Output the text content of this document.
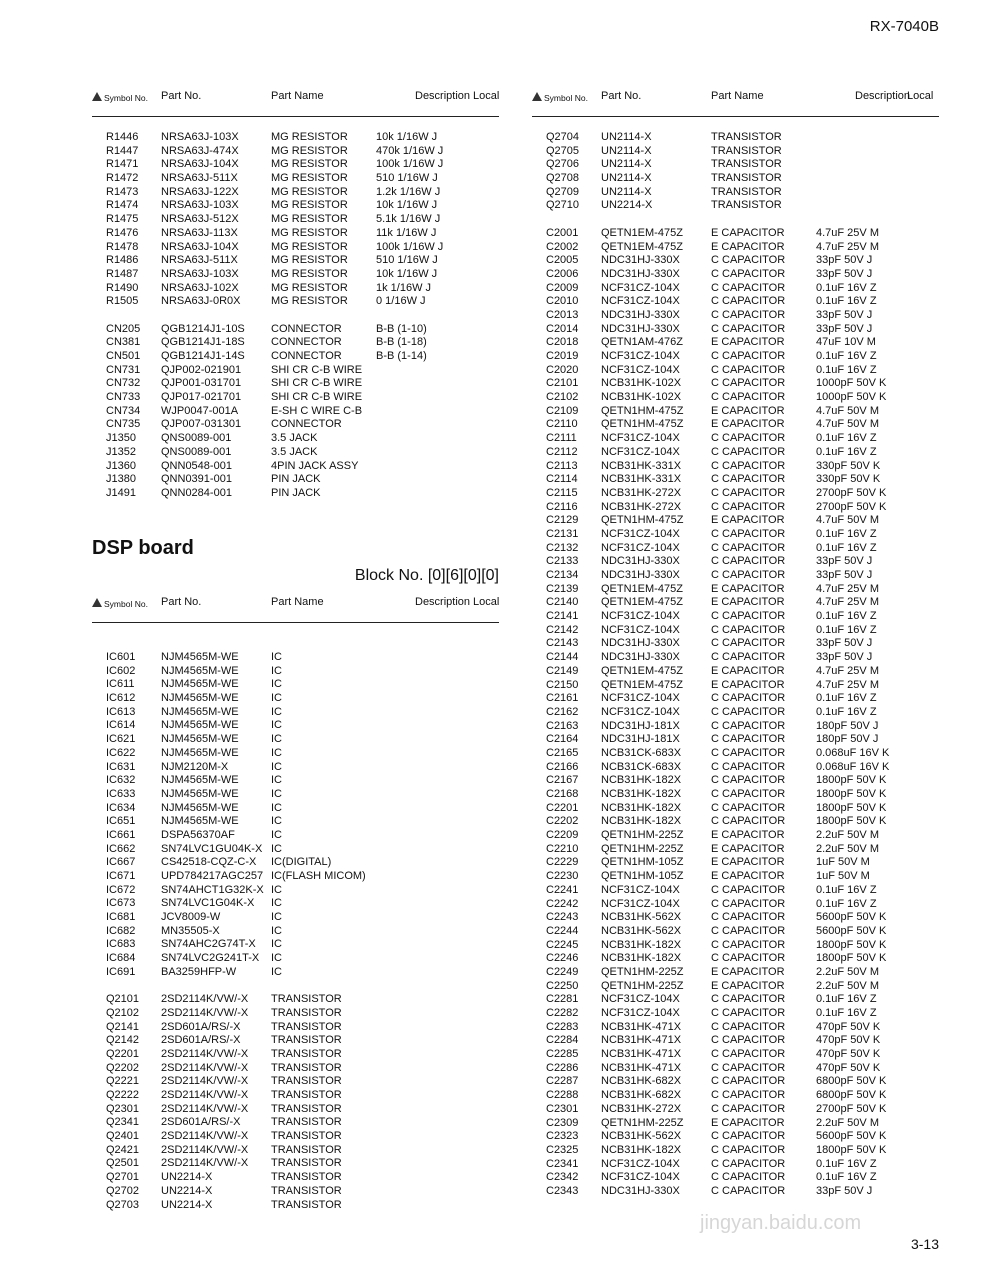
RX-7040B
Symbol No. Part No.	Part Name	Description Local
R1446 NRSA63J-103X	MG RESISTOR	10k 1/16W J
R1447 NRSA63J-474X	MG RESISTOR	470k 1/16W J
R1471 NRSA63J-104X	MG RESISTOR	100k 1/16W J
R1472 NRSA63J-511X	MG RESISTOR	510 1/16W J
R1473 NRSA63J-122X	MG RESISTOR	1.2k 1/16W J
R1474 NRSA63J-103X	MG RESISTOR	10k 1/16W J
R1475 NRSA63J-512X	MG RESISTOR	5.1k 1/16W J
R1476 NRSA63J-113X	MG RESISTOR	11k 1/16W J
R1478 NRSA63J-104X	MG RESISTOR	100k 1/16W J
R1486 NRSA63J-511X	MG RESISTOR	510 1/16W J
R1487 NRSA63J-103X	MG RESISTOR	10k 1/16W J
R1490 NRSA63J-102X	MG RESISTOR	1k 1/16W J
R1505 NRSA63J-0R0X	MG RESISTOR	0 1/16W J
CN205 QGB1214J1-10S CONNECTOR	B-B (1-10)
CN381 QGB1214J1-18S CONNECTOR	B-B (1-18)
CN501 QGB1214J1-14S CONNECTOR	B-B (1-14)
CN731 QJP002-021901	SHI CR C-B WIRE
CN732 QJP001-031701	SHI CR C-B WIRE
CN733 QJP017-021701	SHI CR C-B WIRE
CN734 WJP0047-001A	E-SH C WIRE C-B
CN735 QJP007-031301	CONNECTOR
J1350 QNS0089-001	3.5 JACK
J1352 QNS0089-001	3.5 JACK
J1360 QNN0548-001	4PIN JACK ASSY
J1380 QNN0391-001	PIN JACK
J1491 QNN0284-001	PIN JACK
DSP board
Block No. [0][6][0][0]
Symbol No. Part No.	Part Name	Description Local
IC601 NJM4565M-WE	IC
IC602 NJM4565M-WE	IC
IC611 NJM4565M-WE	IC
IC612 NJM4565M-WE	IC
IC613 NJM4565M-WE	IC
IC614 NJM4565M-WE	IC
IC621 NJM4565M-WE	IC
IC622 NJM4565M-WE	IC
IC631 NJM2120M-X	IC
IC632 NJM4565M-WE	IC
IC633 NJM4565M-WE	IC
IC634 NJM4565M-WE	IC
IC651 NJM4565M-WE	IC
IC661 DSPA56370AF	IC
IC662 SN74LVC1GU04K-X IC
IC667 CS42518-CQZ-C-X IC(DIGITAL)
IC671 UPD784217AGC257 IC(FLASH MICOM)
IC672 SN74AHCT1G32K-X IC
IC673 SN74LVC1G04K-X IC
IC681 JCV8009-W	IC
IC682 MN35505-X	IC
IC683 SN74AHC2G74T-X IC
IC684 SN74LVC2G241T-X IC
IC691 BA3259HFP-W	IC
Q2101 2SD2114K/VW/-X TRANSISTOR
Q2102 2SD2114K/VW/-X TRANSISTOR
Q2141 2SD601A/RS/-X	TRANSISTOR
Q2142 2SD601A/RS/-X	TRANSISTOR
Q2201 2SD2114K/VW/-X TRANSISTOR
Q2202 2SD2114K/VW/-X TRANSISTOR
Q2221 2SD2114K/VW/-X TRANSISTOR
Q2222 2SD2114K/VW/-X TRANSISTOR
Q2301 2SD2114K/VW/-X TRANSISTOR
Q2341 2SD601A/RS/-X	TRANSISTOR
Q2401 2SD2114K/VW/-X TRANSISTOR
Q2421 2SD2114K/VW/-X TRANSISTOR
Q2501 2SD2114K/VW/-X TRANSISTOR
Q2701 UN2214-X	TRANSISTOR
Q2702 UN2214-X	TRANSISTOR
Q2703 UN2214-X	TRANSISTOR
Symbol No. Part No.	Part Name	Description
Local
Q2704 UN2114-X	TRANSISTOR
Q2705 UN2114-X	TRANSISTOR
Q2706 UN2114-X	TRANSISTOR
Q2708 UN2114-X	TRANSISTOR
Q2709 UN2114-X	TRANSISTOR
Q2710 UN2214-X	TRANSISTOR
C2001 QETN1EM-475Z	E CAPACITOR	4.7uF 25V M
C2002 QETN1EM-475Z	E CAPACITOR	4.7uF 25V M
C2005 NDC31HJ-330X	C CAPACITOR	33pF 50V J
C2006 NDC31HJ-330X	C CAPACITOR	33pF 50V J
C2009 NCF31CZ-104X	C CAPACITOR	0.1uF 16V Z
C2010 NCF31CZ-104X	C CAPACITOR	0.1uF 16V Z
C2013 NDC31HJ-330X	C CAPACITOR	33pF 50V J
C2014 NDC31HJ-330X	C CAPACITOR	33pF 50V J
C2018 QETN1AM-476Z	E CAPACITOR	47uF 10V M
C2019 NCF31CZ-104X	C CAPACITOR	0.1uF 16V Z
C2020 NCF31CZ-104X	C CAPACITOR	0.1uF 16V Z
C2101 NCB31HK-102X	C CAPACITOR	1000pF 50V K
C2102 NCB31HK-102X	C CAPACITOR	1000pF 50V K
C2109 QETN1HM-475Z E CAPACITOR	4.7uF 50V M
C2110 QETN1HM-475Z E CAPACITOR	4.7uF 50V M
C2111 NCF31CZ-104X	C CAPACITOR	0.1uF 16V Z
C2112 NCF31CZ-104X	C CAPACITOR	0.1uF 16V Z
C2113 NCB31HK-331X	C CAPACITOR	330pF 50V K
C2114 NCB31HK-331X	C CAPACITOR	330pF 50V K
C2115 NCB31HK-272X	C CAPACITOR	2700pF 50V K
C2116 NCB31HK-272X	C CAPACITOR	2700pF 50V K
C2129 QETN1HM-475Z E CAPACITOR	4.7uF 50V M
C2131 NCF31CZ-104X	C CAPACITOR	0.1uF 16V Z
C2132 NCF31CZ-104X	C CAPACITOR	0.1uF 16V Z
C2133 NDC31HJ-330X	C CAPACITOR	33pF 50V J
C2134 NDC31HJ-330X	C CAPACITOR	33pF 50V J
C2139 QETN1EM-475Z	E CAPACITOR	4.7uF 25V M
C2140 QETN1EM-475Z	E CAPACITOR	4.7uF 25V M
C2141 NCF31CZ-104X	C CAPACITOR	0.1uF 16V Z
C2142 NCF31CZ-104X	C CAPACITOR	0.1uF 16V Z
C2143 NDC31HJ-330X	C CAPACITOR	33pF 50V J
C2144 NDC31HJ-330X	C CAPACITOR	33pF 50V J
C2149 QETN1EM-475Z	E CAPACITOR	4.7uF 25V M
C2150 QETN1EM-475Z	E CAPACITOR	4.7uF 25V M
C2161 NCF31CZ-104X	C CAPACITOR	0.1uF 16V Z
C2162 NCF31CZ-104X	C CAPACITOR	0.1uF 16V Z
C2163 NDC31HJ-181X	C CAPACITOR	180pF 50V J
C2164 NDC31HJ-181X	C CAPACITOR	180pF 50V J
C2165 NCB31CK-683X	C CAPACITOR	0.068uF 16V K
C2166 NCB31CK-683X	C CAPACITOR	0.068uF 16V K
C2167 NCB31HK-182X	C CAPACITOR	1800pF 50V K
C2168 NCB31HK-182X	C CAPACITOR	1800pF 50V K
C2201 NCB31HK-182X	C CAPACITOR	1800pF 50V K
C2202 NCB31HK-182X	C CAPACITOR	1800pF 50V K
C2209 QETN1HM-225Z E CAPACITOR	2.2uF 50V M
C2210 QETN1HM-225Z E CAPACITOR	2.2uF 50V M
C2229 QETN1HM-105Z E CAPACITOR	1uF 50V M
C2230 QETN1HM-105Z E CAPACITOR	1uF 50V M
C2241 NCF31CZ-104X	C CAPACITOR	0.1uF 16V Z
C2242 NCF31CZ-104X	C CAPACITOR	0.1uF 16V Z
C2243 NCB31HK-562X	C CAPACITOR	5600pF 50V K
C2244 NCB31HK-562X	C CAPACITOR	5600pF 50V K
C2245 NCB31HK-182X	C CAPACITOR	1800pF 50V K
C2246 NCB31HK-182X	C CAPACITOR	1800pF 50V K
C2249 QETN1HM-225Z E CAPACITOR	2.2uF 50V M
C2250 QETN1HM-225Z E CAPACITOR	2.2uF 50V M
C2281 NCF31CZ-104X	C CAPACITOR	0.1uF 16V Z
C2282 NCF31CZ-104X	C CAPACITOR	0.1uF 16V Z
C2283 NCB31HK-471X	C CAPACITOR	470pF 50V K
C2284 NCB31HK-471X	C CAPACITOR	470pF 50V K
C2285 NCB31HK-471X	C CAPACITOR	470pF 50V K
C2286 NCB31HK-471X	C CAPACITOR	470pF 50V K
C2287 NCB31HK-682X	C CAPACITOR	6800pF 50V K
C2288 NCB31HK-682X	C CAPACITOR	6800pF 50V K
C2301 NCB31HK-272X	C CAPACITOR	2700pF 50V K
C2309 QETN1HM-225Z E CAPACITOR	2.2uF 50V M
C2323 NCB31HK-562X	C CAPACITOR	5600pF 50V K
C2325 NCB31HK-182X	C CAPACITOR	1800pF 50V K
C2341 NCF31CZ-104X	C CAPACITOR	0.1uF 16V Z
C2342 NCF31CZ-104X	C CAPACITOR	0.1uF 16V Z
C2343 NDC31HJ-330X	C CAPACITOR	33pF 50V J
jingyan.baidu.com
3-13
